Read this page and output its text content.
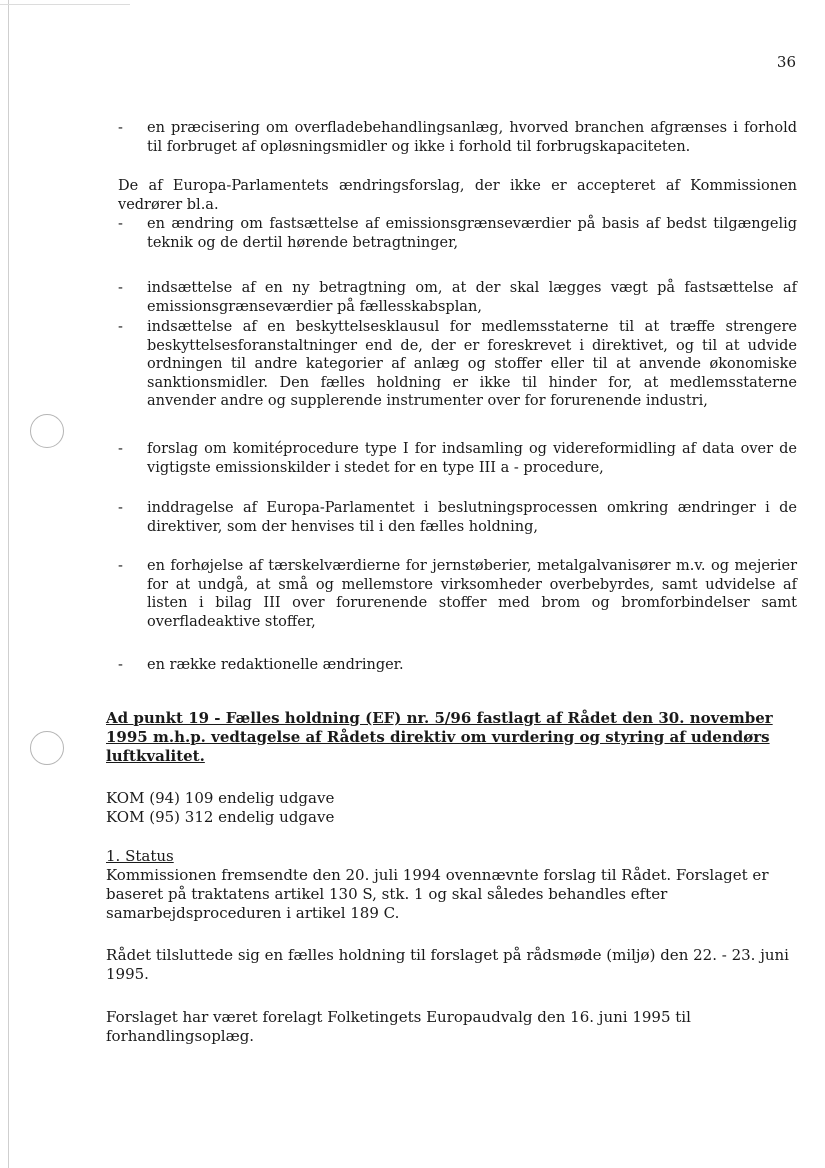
36
- en præcisering om overfladebehandlingsanlæg, hvorved branchen afgrænses i forhold til forbruget af opløsningsmidler og ikke i forhold til forbrugskapaciteten.
De af Europa-Parlamentets ændringsforslag, der ikke er accepteret af Kommissionen vedrører bl.a.
- en ændring om fastsættelse af emissionsgrænseværdier på basis af bedst tilgængelig teknik og de dertil hørende betragtninger,
- indsættelse af en ny betragtning om, at der skal lægges vægt på fastsættelse af emissionsgrænseværdier på fællesskabsplan,
- indsættelse af en beskyttelsesklausul for medlemsstaterne til at træffe strengere beskyttelsesforanstaltninger end de, der er foreskrevet i direktivet, og til at udvide ordningen til andre kategorier af anlæg og stoffer eller til at anvende økonomiske sanktionsmidler. Den fælles holdning er ikke til hinder for, at medlemsstaterne anvender andre og supplerende instrumenter over for forurenende industri,
- forslag om komitéprocedure type I for indsamling og videreformidling af data over de vigtigste emissionskilder i stedet for en type III a - procedure,
- inddragelse af Europa-Parlamentet i beslutningsprocessen omkring ændringer i de direktiver, som der henvises til i den fælles holdning,
- en forhøjelse af tærskelværdierne for jernstøberier, metalgalvanisører m.v. og mejerier for at undgå, at små og mellemstore virksomheder overbebyrdes, samt udvidelse af listen i bilag III over forurenende stoffer med brom og bromforbindelser samt overfladeaktive stoffer,
- en række redaktionelle ændringer.
Ad punkt 19 - Fælles holdning (EF) nr. 5/96 fastlagt af Rådet den 30. november 1995 m.h.p. vedtagelse af Rådets direktiv om vurdering og styring af udendørs luftkvalitet.
KOM (94) 109 endelig udgave
KOM (95) 312 endelig udgave
1. Status
Kommissionen fremsendte den 20. juli 1994 ovennævnte forslag til Rådet. Forslaget er baseret på traktatens artikel 130 S, stk. 1 og skal således behandles efter samarbejdsproceduren i artikel 189 C.
Rådet tilsluttede sig en fælles holdning til forslaget på rådsmøde (miljø) den 22. - 23. juni 1995.
Forslaget har været forelagt Folketingets Europaudvalg den 16. juni 1995 til forhandlingsoplæg.
